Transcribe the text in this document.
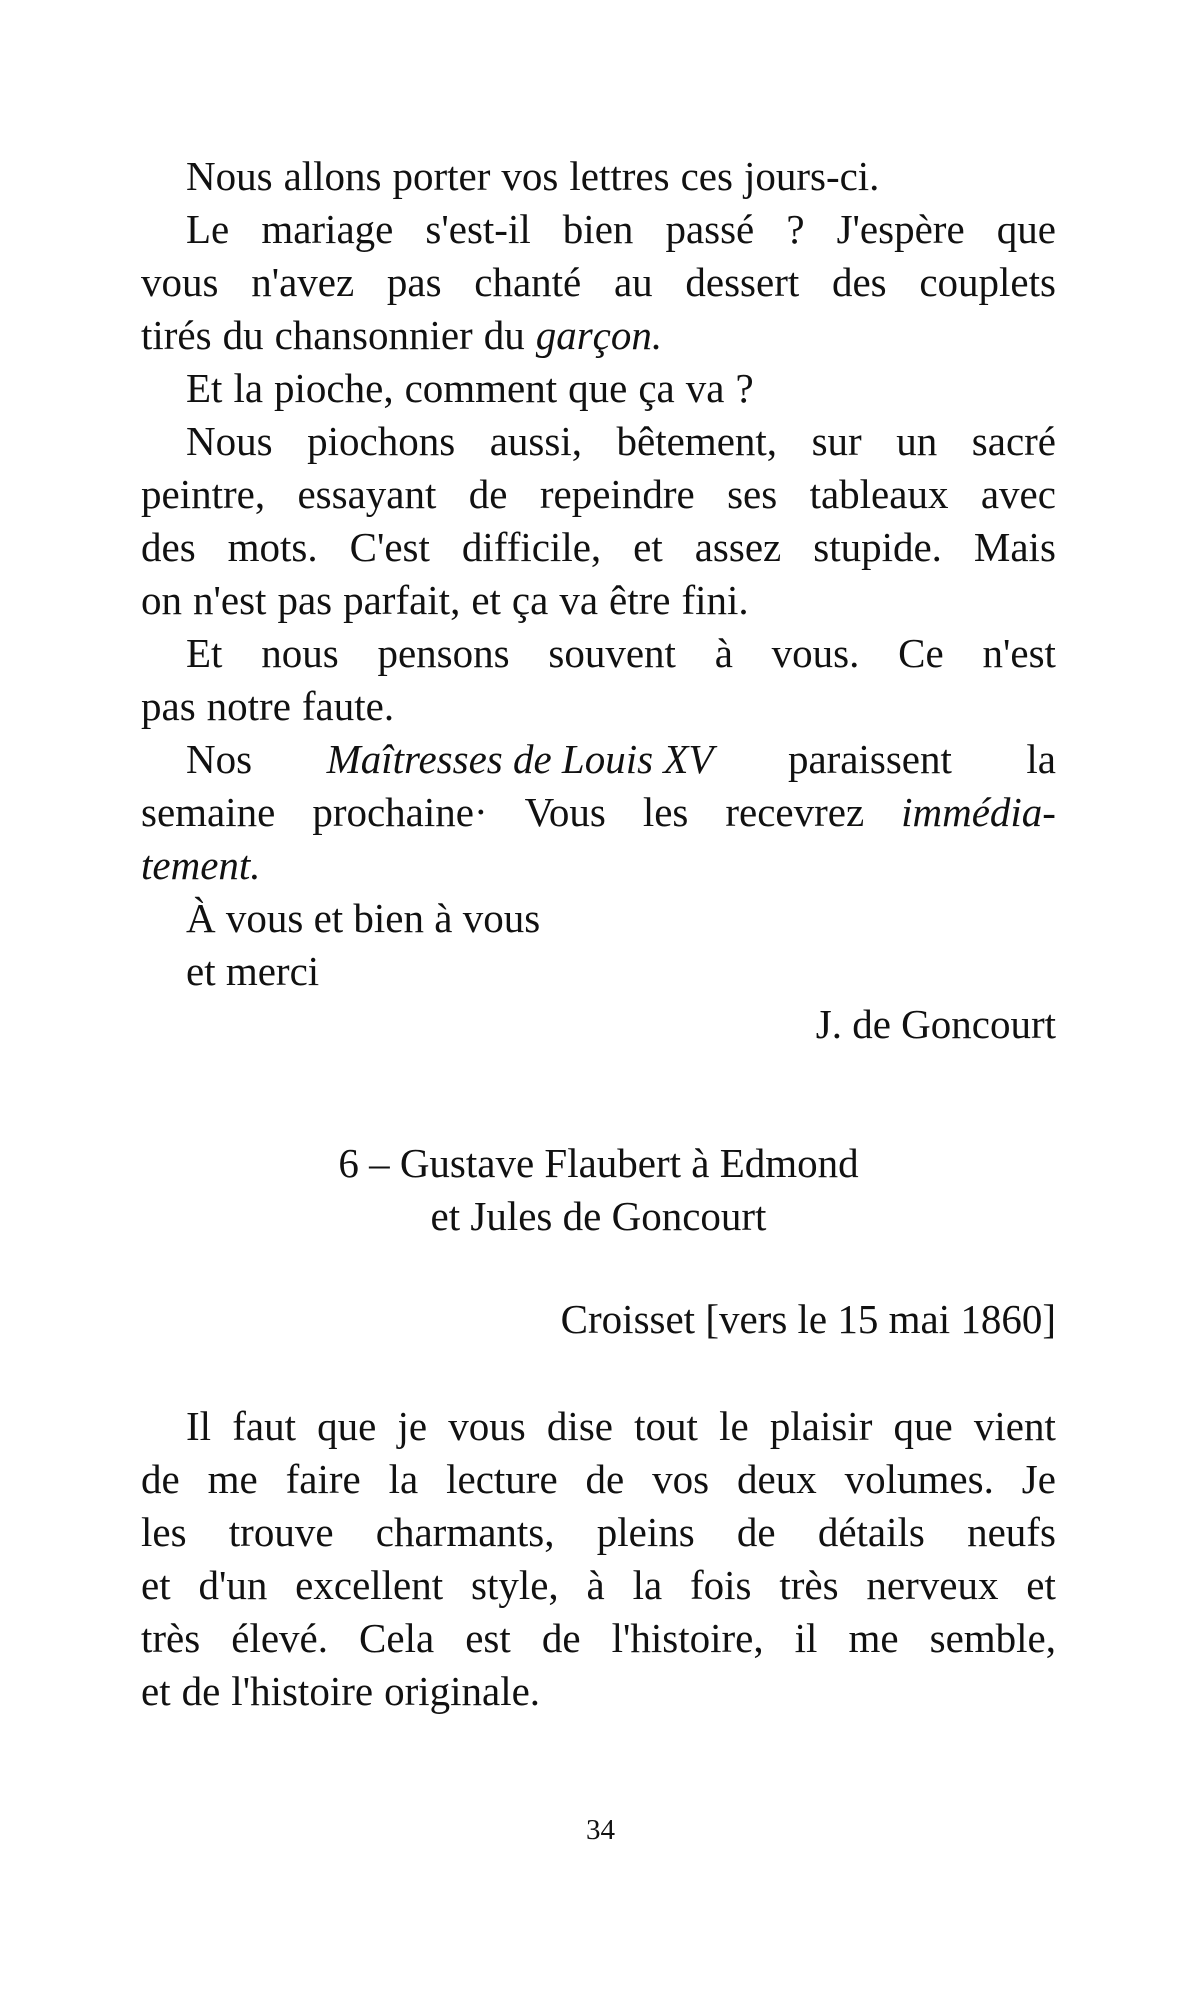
Nous allons porter vos lettres ces jours-ci.
Le mariage s'est-il bien passé ? J'espère que
vous n'avez pas chanté au dessert des couplets
tirés du chansonnier du garçon.
Et la pioche, comment que ça va ?
Nous piochons aussi, bêtement, sur un sacré
peintre, essayant de repeindre ses tableaux avec
des mots. C'est difficile, et assez stupide. Mais
on n'est pas parfait, et ça va être fini.
Et nous pensons souvent à vous. Ce n'est
pas notre faute.
Nos Maîtresses de Louis XV paraissent la
semaine prochaine· Vous les recevrez immédia-
tement.
À vous et bien à vous
et merci
J. de Goncourt
6 – Gustave Flaubert à Edmond
et Jules de Goncourt
Croisset [vers le 15 mai 1860]
Il faut que je vous dise tout le plaisir que vient
de me faire la lecture de vos deux volumes. Je
les trouve charmants, pleins de détails neufs
et d'un excellent style, à la fois très nerveux et
très élevé. Cela est de l'histoire, il me semble,
et de l'histoire originale.
34
